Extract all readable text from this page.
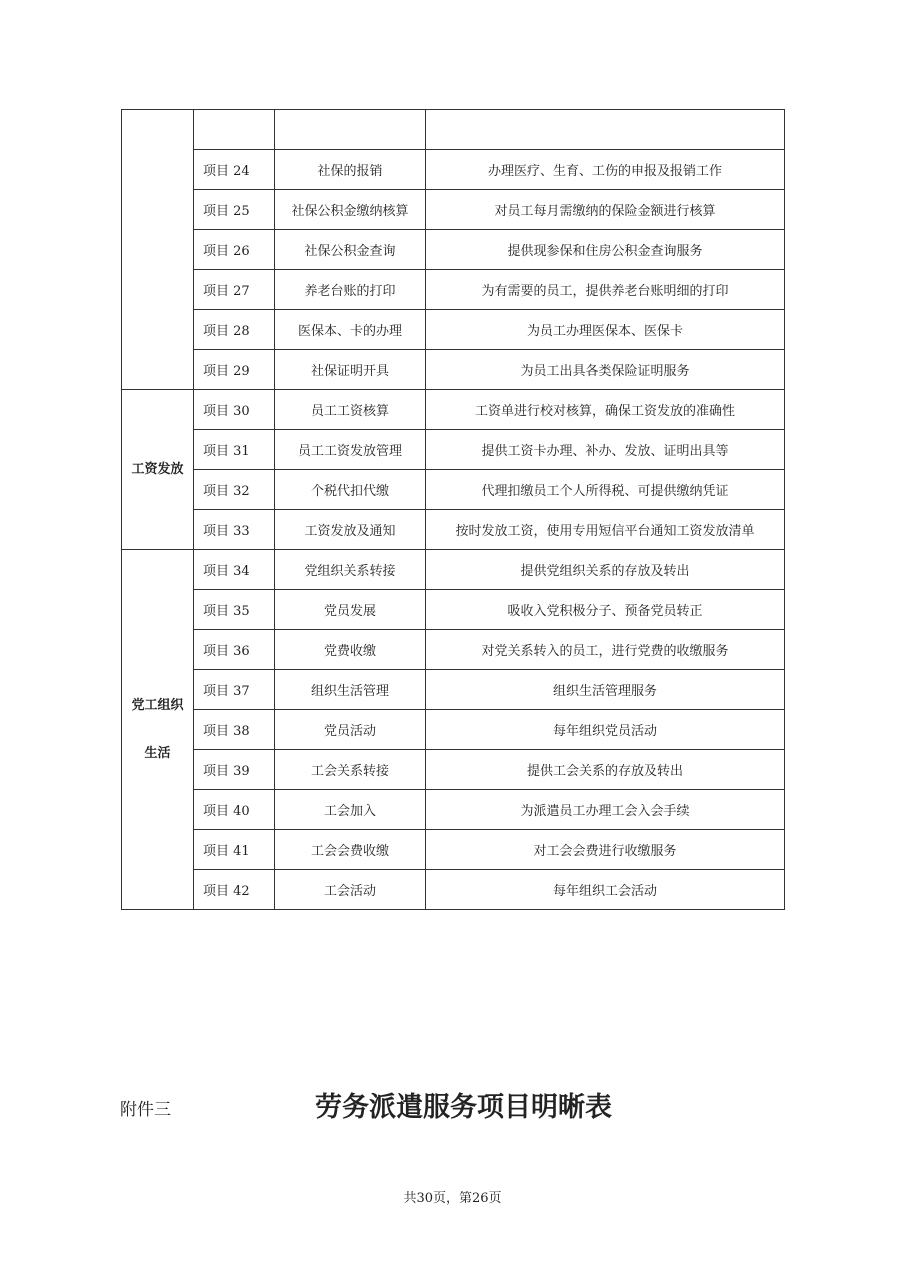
	项目 24	社保的报销	办理医疗、生育、工伤的申报及报销工作
	项目 25	社保公积金缴纳核算	对员工每月需缴纳的保险金额进行核算
	项目 26	社保公积金查询	提供现参保和住房公积金查询服务
	项目 27	养老台账的打印	为有需要的员工，提供养老台账明细的打印
	项目 28	医保本、卡的办理	为员工办理医保本、医保卡
	项目 29	社保证明开具	为员工出具各类保险证明服务

工资发放	项目 30	员工工资核算	工资单进行校对核算，确保工资发放的准确性
	项目 31	员工工资发放管理	提供工资卡办理、补办、发放、证明出具等
	项目 32	个税代扣代缴	代理扣缴员工个人所得税、可提供缴纳凭证
	项目 33	工资发放及通知	按时发放工资，使用专用短信平台通知工资发放清单

党工组织
生活	项目 34	党组织关系转接	提供党组织关系的存放及转出
	项目 35	党员发展	吸收入党积极分子、预备党员转正
	项目 36	党费收缴	对党关系转入的员工，进行党费的收缴服务
	项目 37	组织生活管理	组织生活管理服务
	项目 38	党员活动	每年组织党员活动
	项目 39	工会关系转接	提供工会关系的存放及转出
	项目 40	工会加入	为派遣员工办理工会入会手续
	项目 41	工会会费收缴	对工会会费进行收缴服务
	项目 42	工会活动	每年组织工会活动
附件三	劳务派遣服务项目明晰表
共30页，第26页
